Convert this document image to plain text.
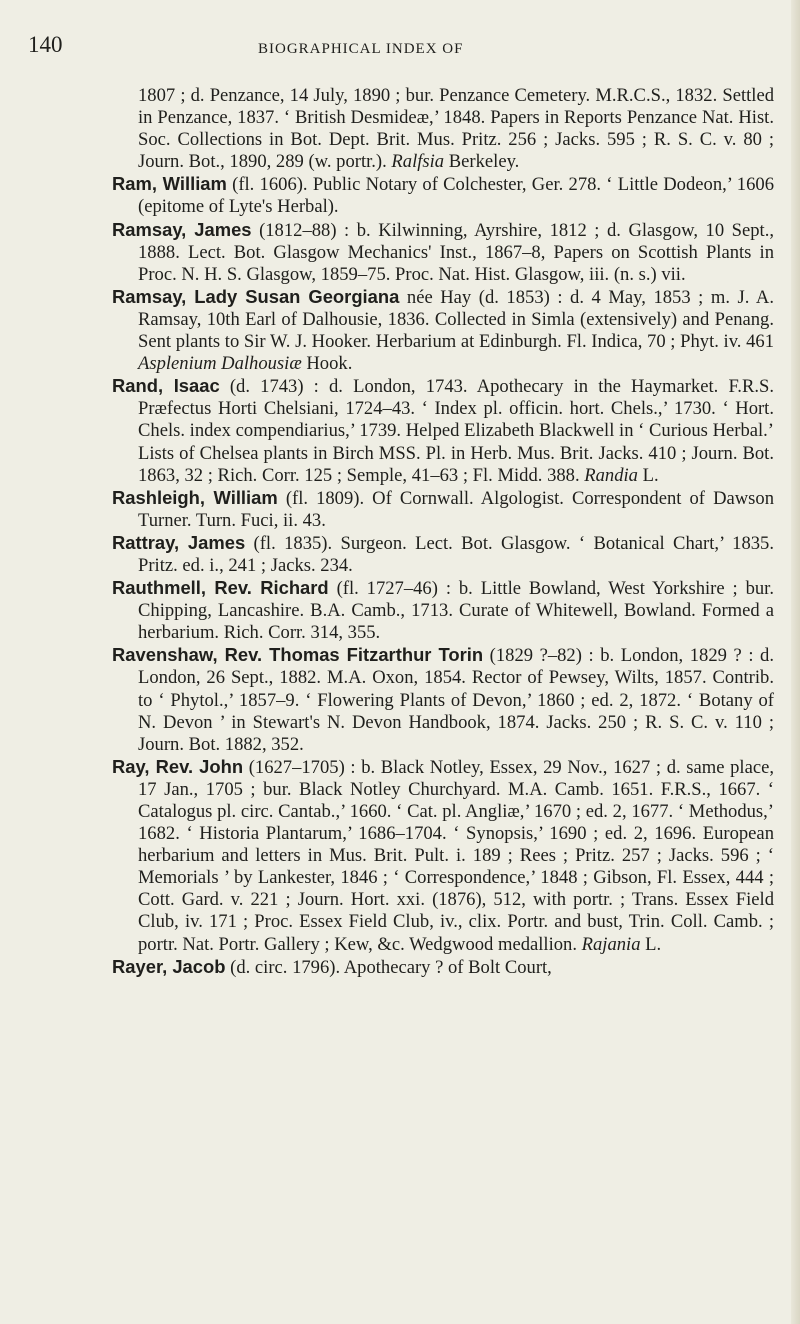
140	BIOGRAPHICAL INDEX OF

1807 ; d. Penzance, 14 July, 1890 ; bur. Penzance Cemetery. M.R.C.S., 1832. Settled in Penzance, 1837. ‘ British Desmideæ,’ 1848. Papers in Reports Penzance Nat. Hist. Soc. Collections in Bot. Dept. Brit. Mus. Pritz. 256 ; Jacks. 595 ; R. S. C. v. 80 ; Journ. Bot., 1890, 289 (w. portr.). Ralfsia Berkeley.

Ram, William (fl. 1606). Public Notary of Colchester, Ger. 278. ‘ Little Dodeon,’ 1606 (epitome of Lyte's Herbal).

Ramsay, James (1812–88) : b. Kilwinning, Ayrshire, 1812 ; d. Glasgow, 10 Sept., 1888. Lect. Bot. Glasgow Mechanics' Inst., 1867–8, Papers on Scottish Plants in Proc. N. H. S. Glasgow, 1859–75. Proc. Nat. Hist. Glasgow, iii. (n. s.) vii.

Ramsay, Lady Susan Georgiana née Hay (d. 1853) : d. 4 May, 1853 ; m. J. A. Ramsay, 10th Earl of Dalhousie, 1836. Collected in Simla (extensively) and Penang. Sent plants to Sir W. J. Hooker. Herbarium at Edinburgh. Fl. Indica, 70 ; Phyt. iv. 461 Asplenium Dalhousiæ Hook.

Rand, Isaac (d. 1743) : d. London, 1743. Apothecary in the Haymarket. F.R.S. Præfectus Horti Chelsiani, 1724–43. ‘ Index pl. officin. hort. Chels.,’ 1730. ‘ Hort. Chels. index compendiarius,’ 1739. Helped Elizabeth Blackwell in ‘ Curious Herbal.’ Lists of Chelsea plants in Birch MSS. Pl. in Herb. Mus. Brit. Jacks. 410 ; Journ. Bot. 1863, 32 ; Rich. Corr. 125 ; Semple, 41–63 ; Fl. Midd. 388. Randia L.

Rashleigh, William (fl. 1809). Of Cornwall. Algologist. Correspondent of Dawson Turner. Turn. Fuci, ii. 43.

Rattray, James (fl. 1835). Surgeon. Lect. Bot. Glasgow. ‘ Botanical Chart,’ 1835. Pritz. ed. i., 241 ; Jacks. 234.

Rauthmell, Rev. Richard (fl. 1727–46) : b. Little Bowland, West Yorkshire ; bur. Chipping, Lancashire. B.A. Camb., 1713. Curate of Whitewell, Bowland. Formed a herbarium. Rich. Corr. 314, 355.

Ravenshaw, Rev. Thomas Fitzarthur Torin (1829 ?–82) : b. London, 1829 ? : d. London, 26 Sept., 1882. M.A. Oxon, 1854. Rector of Pewsey, Wilts, 1857. Contrib. to ‘ Phytol.,’ 1857–9. ‘ Flowering Plants of Devon,’ 1860 ; ed. 2, 1872. ‘ Botany of N. Devon ’ in Stewart's N. Devon Handbook, 1874. Jacks. 250 ; R. S. C. v. 110 ; Journ. Bot. 1882, 352.

Ray, Rev. John (1627–1705) : b. Black Notley, Essex, 29 Nov., 1627 ; d. same place, 17 Jan., 1705 ; bur. Black Notley Churchyard. M.A. Camb. 1651. F.R.S., 1667. ‘ Catalogus pl. circ. Cantab.,’ 1660. ‘ Cat. pl. Angliæ,’ 1670 ; ed. 2, 1677. ‘ Methodus,’ 1682. ‘ Historia Plantarum,’ 1686–1704. ‘ Synopsis,’ 1690 ; ed. 2, 1696. European herbarium and letters in Mus. Brit. Pult. i. 189 ; Rees ; Pritz. 257 ; Jacks. 596 ; ‘ Memorials ’ by Lankester, 1846 ; ‘ Correspondence,’ 1848 ; Gibson, Fl. Essex, 444 ; Cott. Gard. v. 221 ; Journ. Hort. xxi. (1876), 512, with portr. ; Trans. Essex Field Club, iv. 171 ; Proc. Essex Field Club, iv., clix. Portr. and bust, Trin. Coll. Camb. ; portr. Nat. Portr. Gallery ; Kew, &c. Wedgwood medallion. Rajania L.

Rayer, Jacob (d. circ. 1796). Apothecary ? of Bolt Court,
